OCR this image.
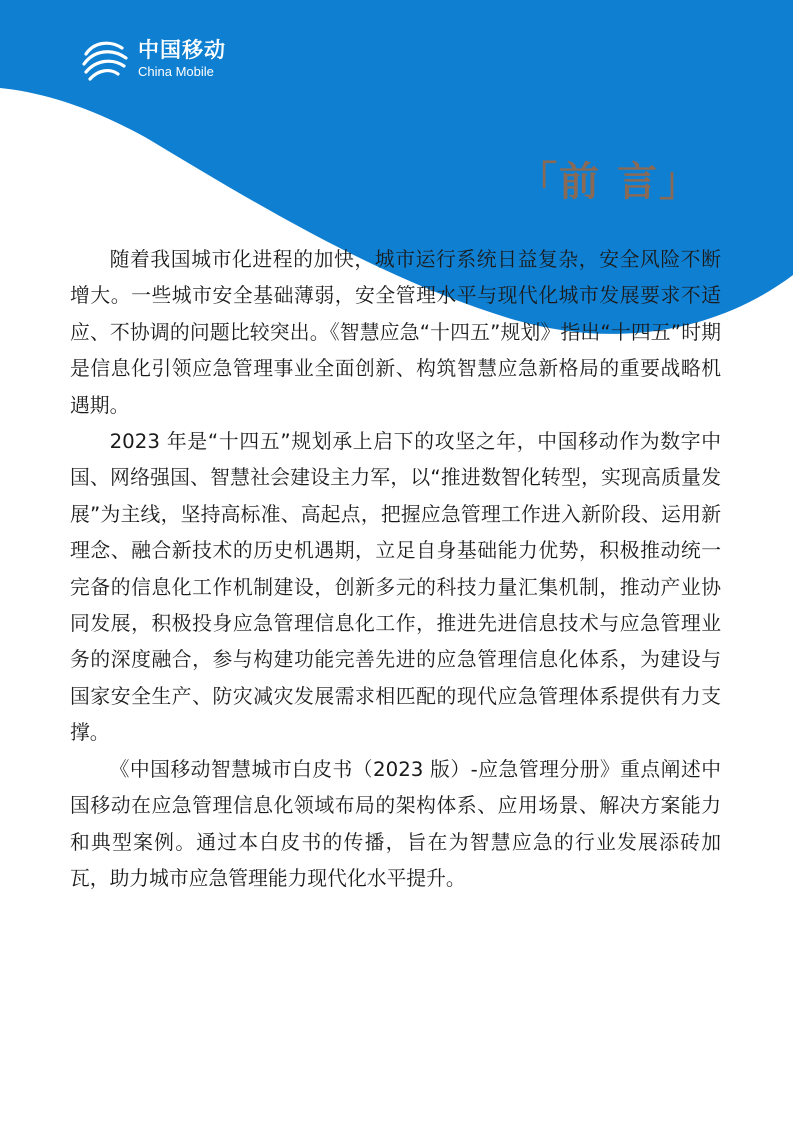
中国移动
China Mobile
「前 言」

随着我国城市化进程的加快，城市运行系统日益复杂，安全风险不断增大。一些城市安全基础薄弱，安全管理水平与现代化城市发展要求不适应、不协调的问题比较突出。《智慧应急“十四五”规划》指出“十四五”时期是信息化引领应急管理事业全面创新、构筑智慧应急新格局的重要战略机遇期。

2023 年是“十四五”规划承上启下的攻坚之年，中国移动作为数字中国、网络强国、智慧社会建设主力军，以“推进数智化转型，实现高质量发展”为主线，坚持高标准、高起点，把握应急管理工作进入新阶段、运用新理念、融合新技术的历史机遇期，立足自身基础能力优势，积极推动统一完备的信息化工作机制建设，创新多元的科技力量汇集机制，推动产业协同发展，积极投身应急管理信息化工作，推进先进信息技术与应急管理业务的深度融合，参与构建功能完善先进的应急管理信息化体系，为建设与国家安全生产、防灾减灾发展需求相匹配的现代应急管理体系提供有力支撑。

《中国移动智慧城市白皮书（2023 版）-应急管理分册》重点阐述中国移动在应急管理信息化领域布局的架构体系、应用场景、解决方案能力和典型案例。通过本白皮书的传播，旨在为智慧应急的行业发展添砖加瓦，助力城市应急管理能力现代化水平提升。
